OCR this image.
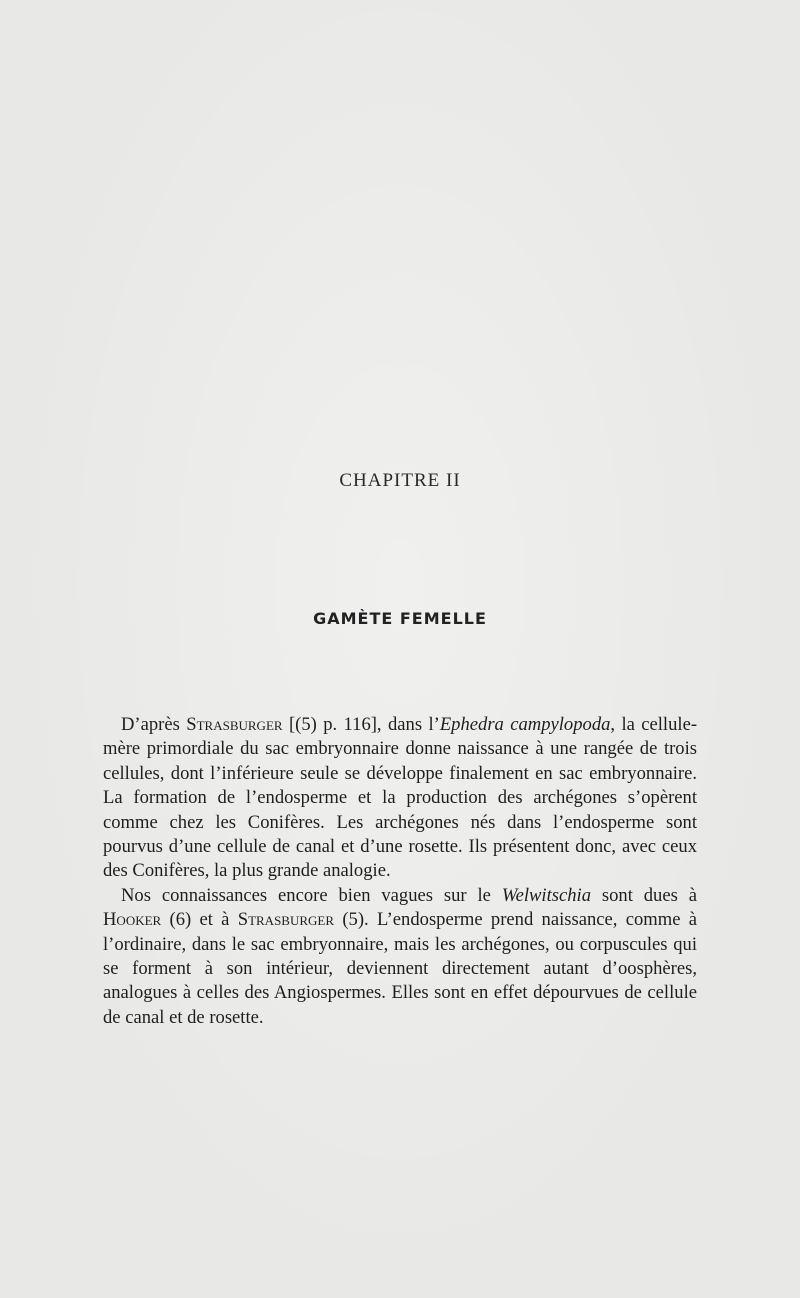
CHAPITRE II
GAMÈTE FEMELLE

D’après Strasburger [(5) p. 116], dans l’Ephedra campylopoda, la cellule-mère primordiale du sac embryonnaire donne naissance à une rangée de trois cellules, dont l’inférieure seule se développe finalement en sac embryonnaire. La formation de l’endosperme et la production des archégones s’opèrent comme chez les Conifères. Les archégones nés dans l’endosperme sont pourvus d’une cellule de canal et d’une rosette. Ils présentent donc, avec ceux des Conifères, la plus grande analogie.

Nos connaissances encore bien vagues sur le Welwitschia sont dues à Hooker (6) et à Strasburger (5). L’endosperme prend naissance, comme à l’ordinaire, dans le sac embryonnaire, mais les archégones, ou corpuscules qui se forment à son intérieur, deviennent directement autant d’oosphères, analogues à celles des Angiospermes. Elles sont en effet dépourvues de cellule de canal et de rosette.
